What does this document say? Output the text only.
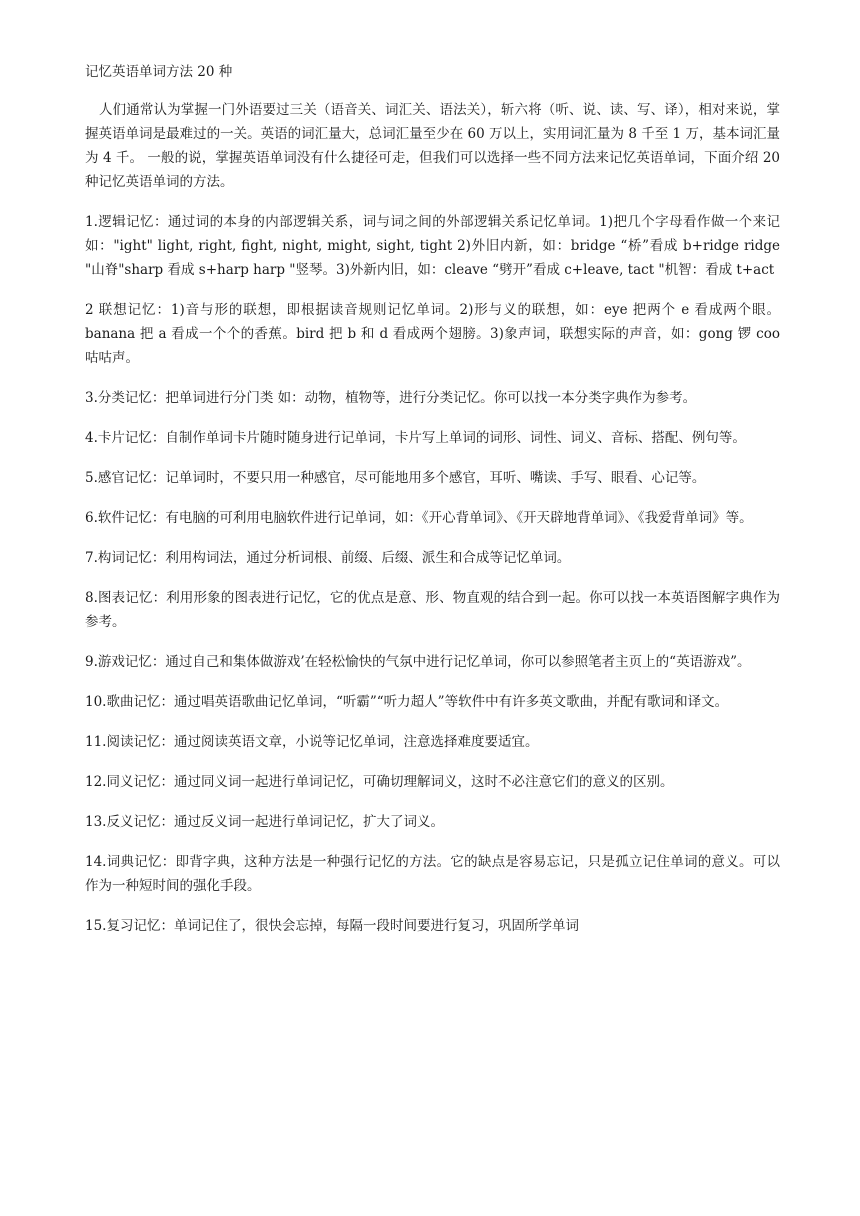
记忆英语单词方法 20 种

人们通常认为掌握一门外语要过三关（语音关、词汇关、语法关），斩六将（听、说、读、写、译），相对来说，掌握英语单词是最难过的一关。英语的词汇量大，总词汇量至少在 60 万以上，实用词汇量为 8 千至 1 万，基本词汇量为 4 千。 一般的说，掌握英语单词没有什么捷径可走，但我们可以选择一些不同方法来记忆英语单词，下面介绍 20 种记忆英语单词的方法。

1.逻辑记忆：通过词的本身的内部逻辑关系，词与词之间的外部逻辑关系记忆单词。1)把几个字母看作做一个来记 如："ight" light, right, fight, night, might, sight, tight 2)外旧内新，如：bridge “桥”看成 b+ridge ridge "山脊"sharp 看成 s+harp harp "竖琴。3)外新内旧，如：cleave “劈开”看成 c+leave, tact "机智：看成 t+act

2 联想记忆：1)音与形的联想，即根据读音规则记忆单词。2)形与义的联想，如：eye 把两个 e 看成两个眼。banana 把 a 看成一个个的香蕉。bird 把 b 和 d 看成两个翅膀。3)象声词，联想实际的声音，如：gong 锣 coo 咕咕声。

3.分类记忆：把单词进行分门类 如：动物，植物等，进行分类记忆。你可以找一本分类字典作为参考。

4.卡片记忆：自制作单词卡片随时随身进行记单词，卡片写上单词的词形、词性、词义、音标、搭配、例句等。

5.感官记忆：记单词时，不要只用一种感官，尽可能地用多个感官，耳听、嘴读、手写、眼看、心记等。

6.软件记忆：有电脑的可利用电脑软件进行记单词，如：《开心背单词》、《开天辟地背单词》、《我爱背单词》等。

7.构词记忆：利用构词法，通过分析词根、前缀、后缀、派生和合成等记忆单词。

8.图表记忆：利用形象的图表进行记忆，它的优点是意、形、物直观的结合到一起。你可以找一本英语图解字典作为参考。

9.游戏记忆：通过自己和集体做游戏’在轻松愉快的气氛中进行记忆单词，你可以参照笔者主页上的“英语游戏”。

10.歌曲记忆：通过唱英语歌曲记忆单词，“听霸”“听力超人”等软件中有许多英文歌曲，并配有歌词和译文。

11.阅读记忆：通过阅读英语文章，小说等记忆单词，注意选择难度要适宜。

12.同义记忆：通过同义词一起进行单词记忆，可确切理解词义，这时不必注意它们的意义的区别。

13.反义记忆：通过反义词一起进行单词记忆，扩大了词义。

14.词典记忆：即背字典，这种方法是一种强行记忆的方法。它的缺点是容易忘记，只是孤立记住单词的意义。可以作为一种短时间的强化手段。

15.复习记忆：单词记住了，很快会忘掉，每隔一段时间要进行复习，巩固所学单词
